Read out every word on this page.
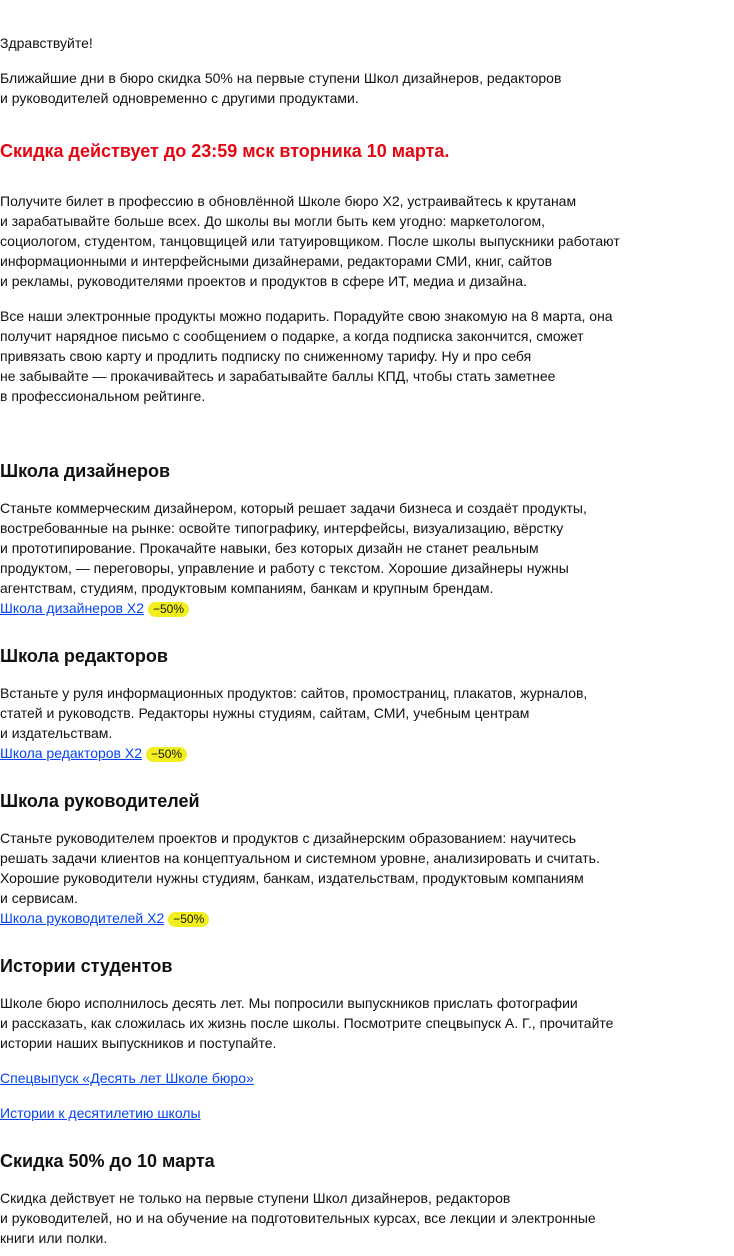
Здравствуйте!

Ближайшие дни в бюро скидка 50% на первые ступени Школ дизайнеров, редакторов
и руководителей одновременно с другими продуктами.

Скидка действует до 23:59 мск вторника 10 марта.

Получите билет в профессию в обновлённой Школе бюро Х2, устраивайтесь к крутанам
и зарабатывайте больше всех. До школы вы могли быть кем угодно: маркетологом,
социологом, студентом, танцовщицей или татуировщиком. После школы выпускники работают
информационными и интерфейсными дизайнерами, редакторами СМИ, книг, сайтов
и рекламы, руководителями проектов и продуктов в сфере ИТ, медиа и дизайна.

Все наши электронные продукты можно подарить. Порадуйте свою знакомую на 8 марта, она
получит нарядное письмо с сообщением о подарке, а когда подписка закончится, сможет
привязать свою карту и продлить подписку по сниженному тарифу. Ну и про себя
не забывайте — прокачивайтесь и зарабатывайте баллы КПД, чтобы стать заметнее
в профессиональном рейтинге.

Школа дизайнеров

Станьте коммерческим дизайнером, который решает задачи бизнеса и создаёт продукты,
востребованные на рынке: освойте типографику, интерфейсы, визуализацию, вёрстку
и прототипирование. Прокачайте навыки, без которых дизайн не станет реальным
продуктом, — переговоры, управление и работу с текстом. Хорошие дизайнеры нужны
агентствам, студиям, продуктовым компаниям, банкам и крупным брендам.

Школа дизайнеров Х2 −50%

Школа редакторов

Встаньте у руля информационных продуктов: сайтов, промостраниц, плакатов, журналов,
статей и руководств. Редакторы нужны студиям, сайтам, СМИ, учебным центрам
и издательствам.

Школа редакторов Х2 −50%

Школа руководителей

Станьте руководителем проектов и продуктов с дизайнерским образованием: научитесь
решать задачи клиентов на концептуальном и системном уровне, анализировать и считать.
Хорошие руководители нужны студиям, банкам, издательствам, продуктовым компаниям
и сервисам.

Школа руководителей Х2 −50%

Истории студентов

Школе бюро исполнилось десять лет. Мы попросили выпускников прислать фотографии
и рассказать, как сложилась их жизнь после школы. Посмотрите спецвыпуск А. Г., прочитайте
истории наших выпускников и поступайте.

Спецвыпуск «Десять лет Школе бюро»

Истории к десятилетию школы

Скидка 50% до 10 марта

Скидка действует не только на первые ступени Школ дизайнеров, редакторов
и руководителей, но и на обучение на подготовительных курсах, все лекции и электронные
книги или полки.
